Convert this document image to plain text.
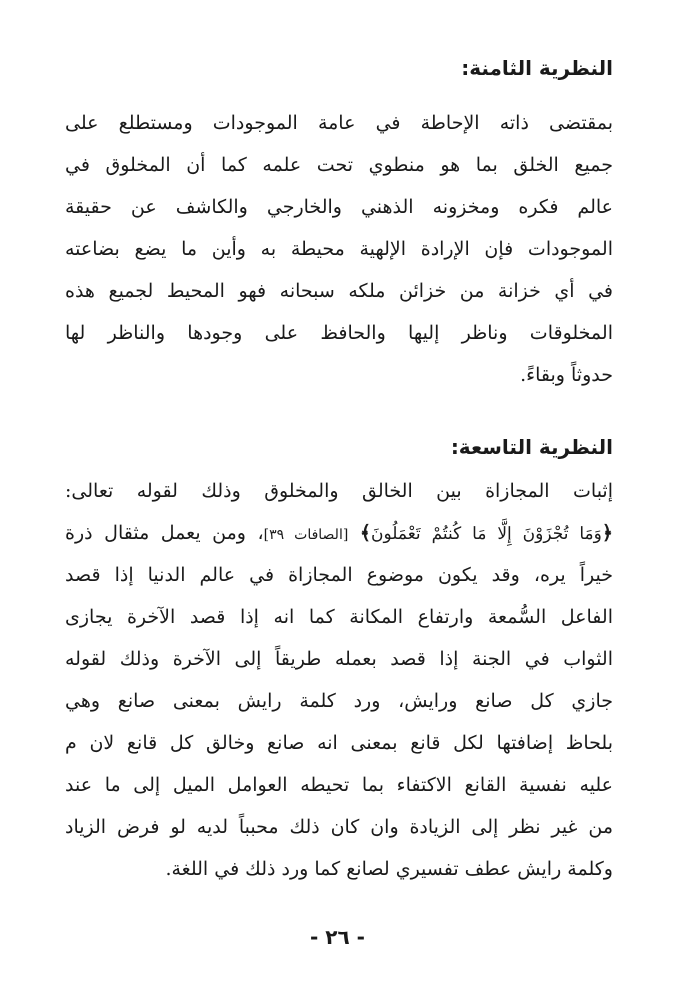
النظرية الثامنة:
بمقتضى ذاته الإحاطة في عامة الموجودات ومستطلع على
جميع الخلق بما هو منطوي تحت علمه كما أن المخلوق في
عالم فكره ومخزونه الذهني والخارجي والكاشف عن حقيقة
الموجودات فإن الإرادة الإلهية محيطة به وأين ما يضع بضاعته
في أي خزانة من خزائن ملكه سبحانه فهو المحيط لجميع هذه
المخلوقات وناظر إليها والحافظ على وجودها والناظر لها
حدوثاً وبقاءً.
النظرية التاسعة:
إثبات المجازاة بين الخالق والمخلوق وذلك لقوله تعالى:
﴿وَمَا تُجْزَوْنَ إِلَّا مَا كُنتُمْ تَعْمَلُونَ﴾ [الصافات ٣٩]، ومن يعمل مثقال ذرة
خيراً يره، وقد يكون موضوع المجازاة في عالم الدنيا إذا قصد
الفاعل السُّمعة وارتفاع المكانة كما انه إذا قصد الآخرة يجازى
الثواب في الجنة إذا قصد بعمله طريقاً إلى الآخرة وذلك لقوله
جازي كل صانع ورايش، ورد كلمة رايش بمعنى صانع وهي
بلحاظ إضافتها لكل قانع بمعنى انه صانع وخالق كل قانع لان م
عليه نفسية القانع الاكتفاء بما تحيطه العوامل الميل إلى ما عند
من غير نظر إلى الزيادة وان كان ذلك محبباً لديه لو فرض الزياد
وكلمة رايش عطف تفسيري لصانع كما ورد ذلك في اللغة.
- ٢٦ -
